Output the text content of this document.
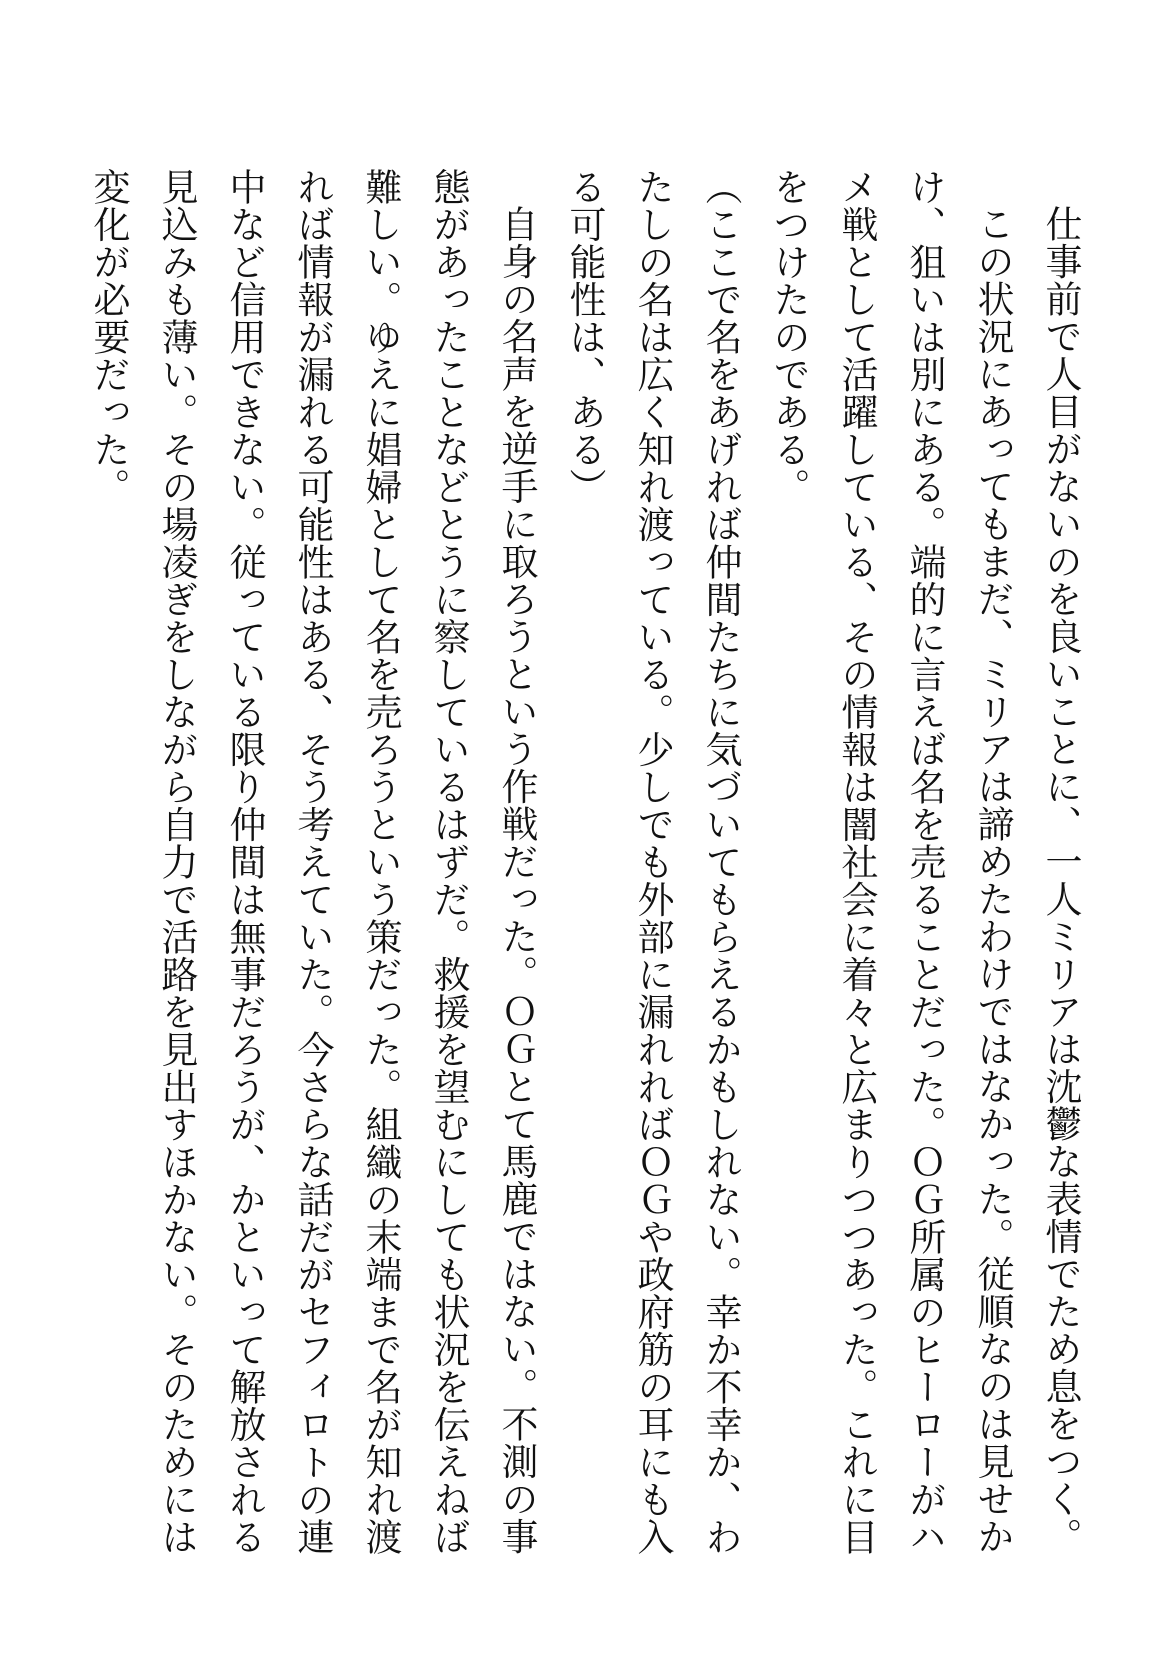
仕事前で人目がないのを良いことに、一人ミリアは沈鬱な表情でため息をつく。

この状況にあってもまだ、ミリアは諦めたわけではなかった。従順なのは見せかけ、狙いは別にある。端的に言えば名を売ることだった。ＯＧ所属のヒーローがハメ戦として活躍している、その情報は闇社会に着々と広まりつつあった。これに目をつけたのである。

（ここで名をあげれば仲間たちに気づいてもらえるかもしれない。幸か不幸か、わたしの名は広く知れ渡っている。少しでも外部に漏れればＯＧや政府筋の耳にも入る可能性は、ある）

自身の名声を逆手に取ろうという作戦だった。ＯＧとて馬鹿ではない。不測の事態があったことなどとうに察しているはずだ。救援を望むにしても状況を伝えねば難しい。ゆえに娼婦として名を売ろうという策だった。組織の末端まで名が知れ渡れば情報が漏れる可能性はある、そう考えていた。今さらな話だがセフィロトの連中など信用できない。従っている限り仲間は無事だろうが、かといって解放される見込みも薄い。その場凌ぎをしながら自力で活路を見出すほかない。そのためには変化が必要だった。
